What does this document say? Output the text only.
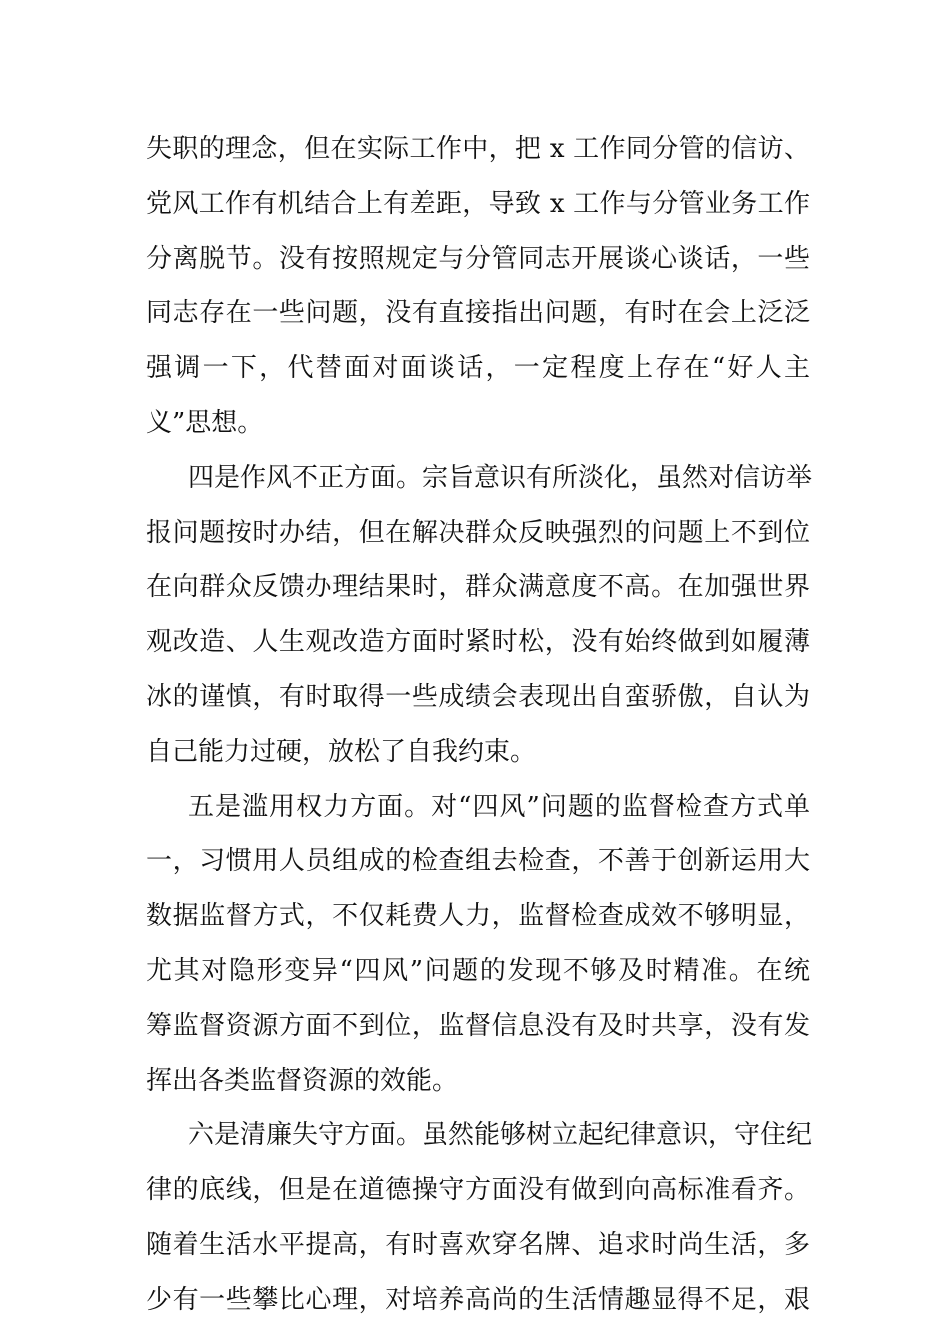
失职的理念，但在实际工作中，把 x 工作同分管的信访、
党风工作有机结合上有差距，导致 x 工作与分管业务工作
分离脱节。没有按照规定与分管同志开展谈心谈话，一些
同志存在一些问题，没有直接指出问题，有时在会上泛泛
强调一下，代替面对面谈话，一定程度上存在“好人主
义”思想。
四是作风不正方面。宗旨意识有所淡化，虽然对信访举
报问题按时办结，但在解决群众反映强烈的问题上不到位
在向群众反馈办理结果时，群众满意度不高。在加强世界
观改造、人生观改造方面时紧时松，没有始终做到如履薄
冰的谨慎，有时取得一些成绩会表现出自蛮骄傲，自认为
自己能力过硬，放松了自我约束。
五是滥用权力方面。对“四风”问题的监督检查方式单
一，习惯用人员组成的检查组去检查，不善于创新运用大
数据监督方式，不仅耗费人力，监督检查成效不够明显，
尤其对隐形变异“四风”问题的发现不够及时精准。在统
筹监督资源方面不到位，监督信息没有及时共享，没有发
挥出各类监督资源的效能。
六是清廉失守方面。虽然能够树立起纪律意识，守住纪
律的底线，但是在道德操守方面没有做到向高标准看齐。
随着生活水平提高，有时喜欢穿名牌、追求时尚生活，多
少有一些攀比心理，对培养高尚的生活情趣显得不足，艰
